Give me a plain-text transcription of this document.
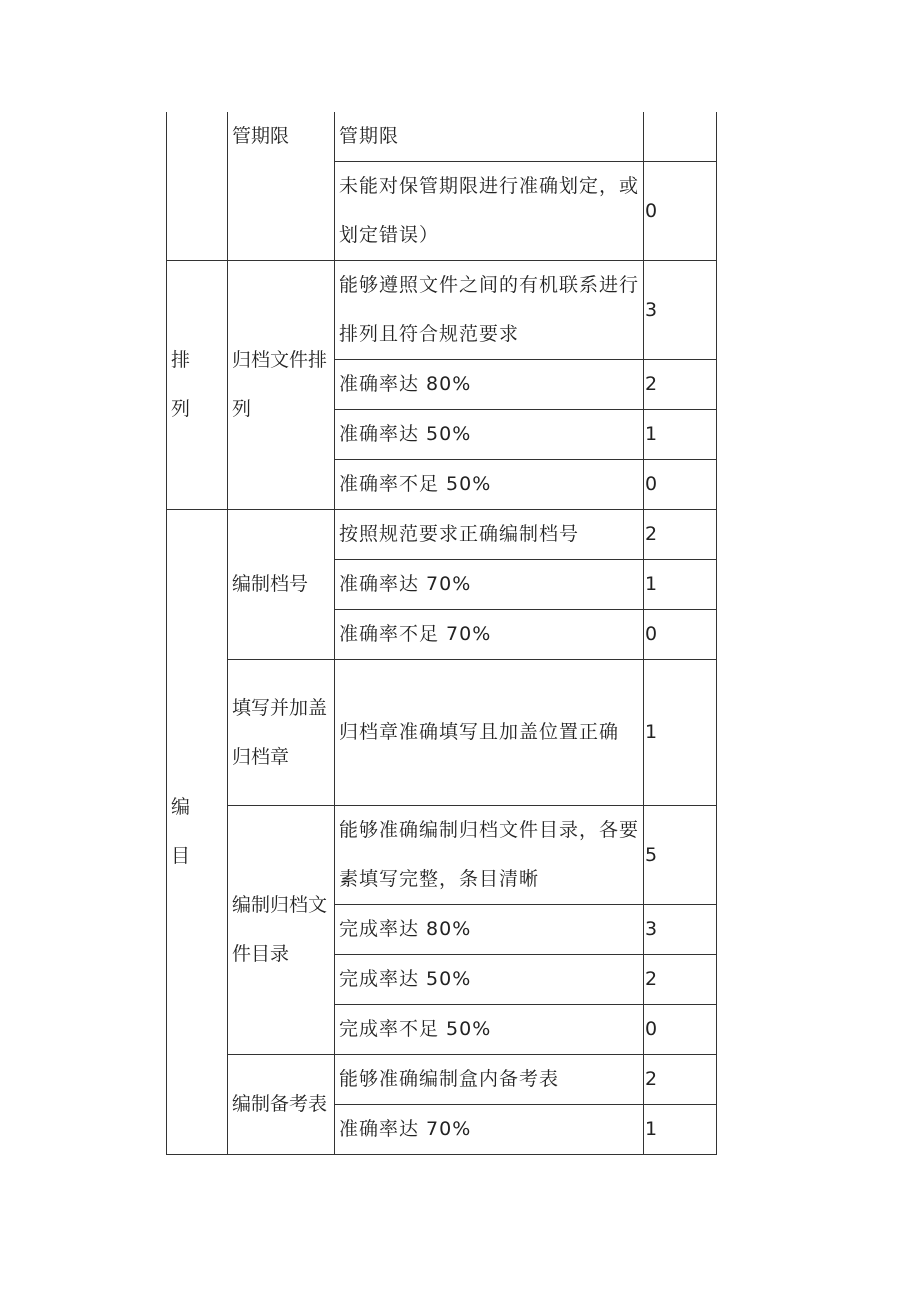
	管期限	管期限	
		未能对保管期限进行准确划定，或划定错误）	0
排列	归档文件排列	能够遵照文件之间的有机联系进行排列且符合规范要求	3
		准确率达 80%	2
		准确率达 50%	1
		准确率不足 50%	0
编目	编制档号	按照规范要求正确编制档号	2
		准确率达 70%	1
		准确率不足 70%	0
	填写并加盖归档章	归档章准确填写且加盖位置正确	1
	编制归档文件目录	能够准确编制归档文件目录，各要素填写完整，条目清晰	5
		完成率达 80%	3
		完成率达 50%	2
		完成率不足 50%	0
	编制备考表	能够准确编制盒内备考表	2
		准确率达 70%	1
